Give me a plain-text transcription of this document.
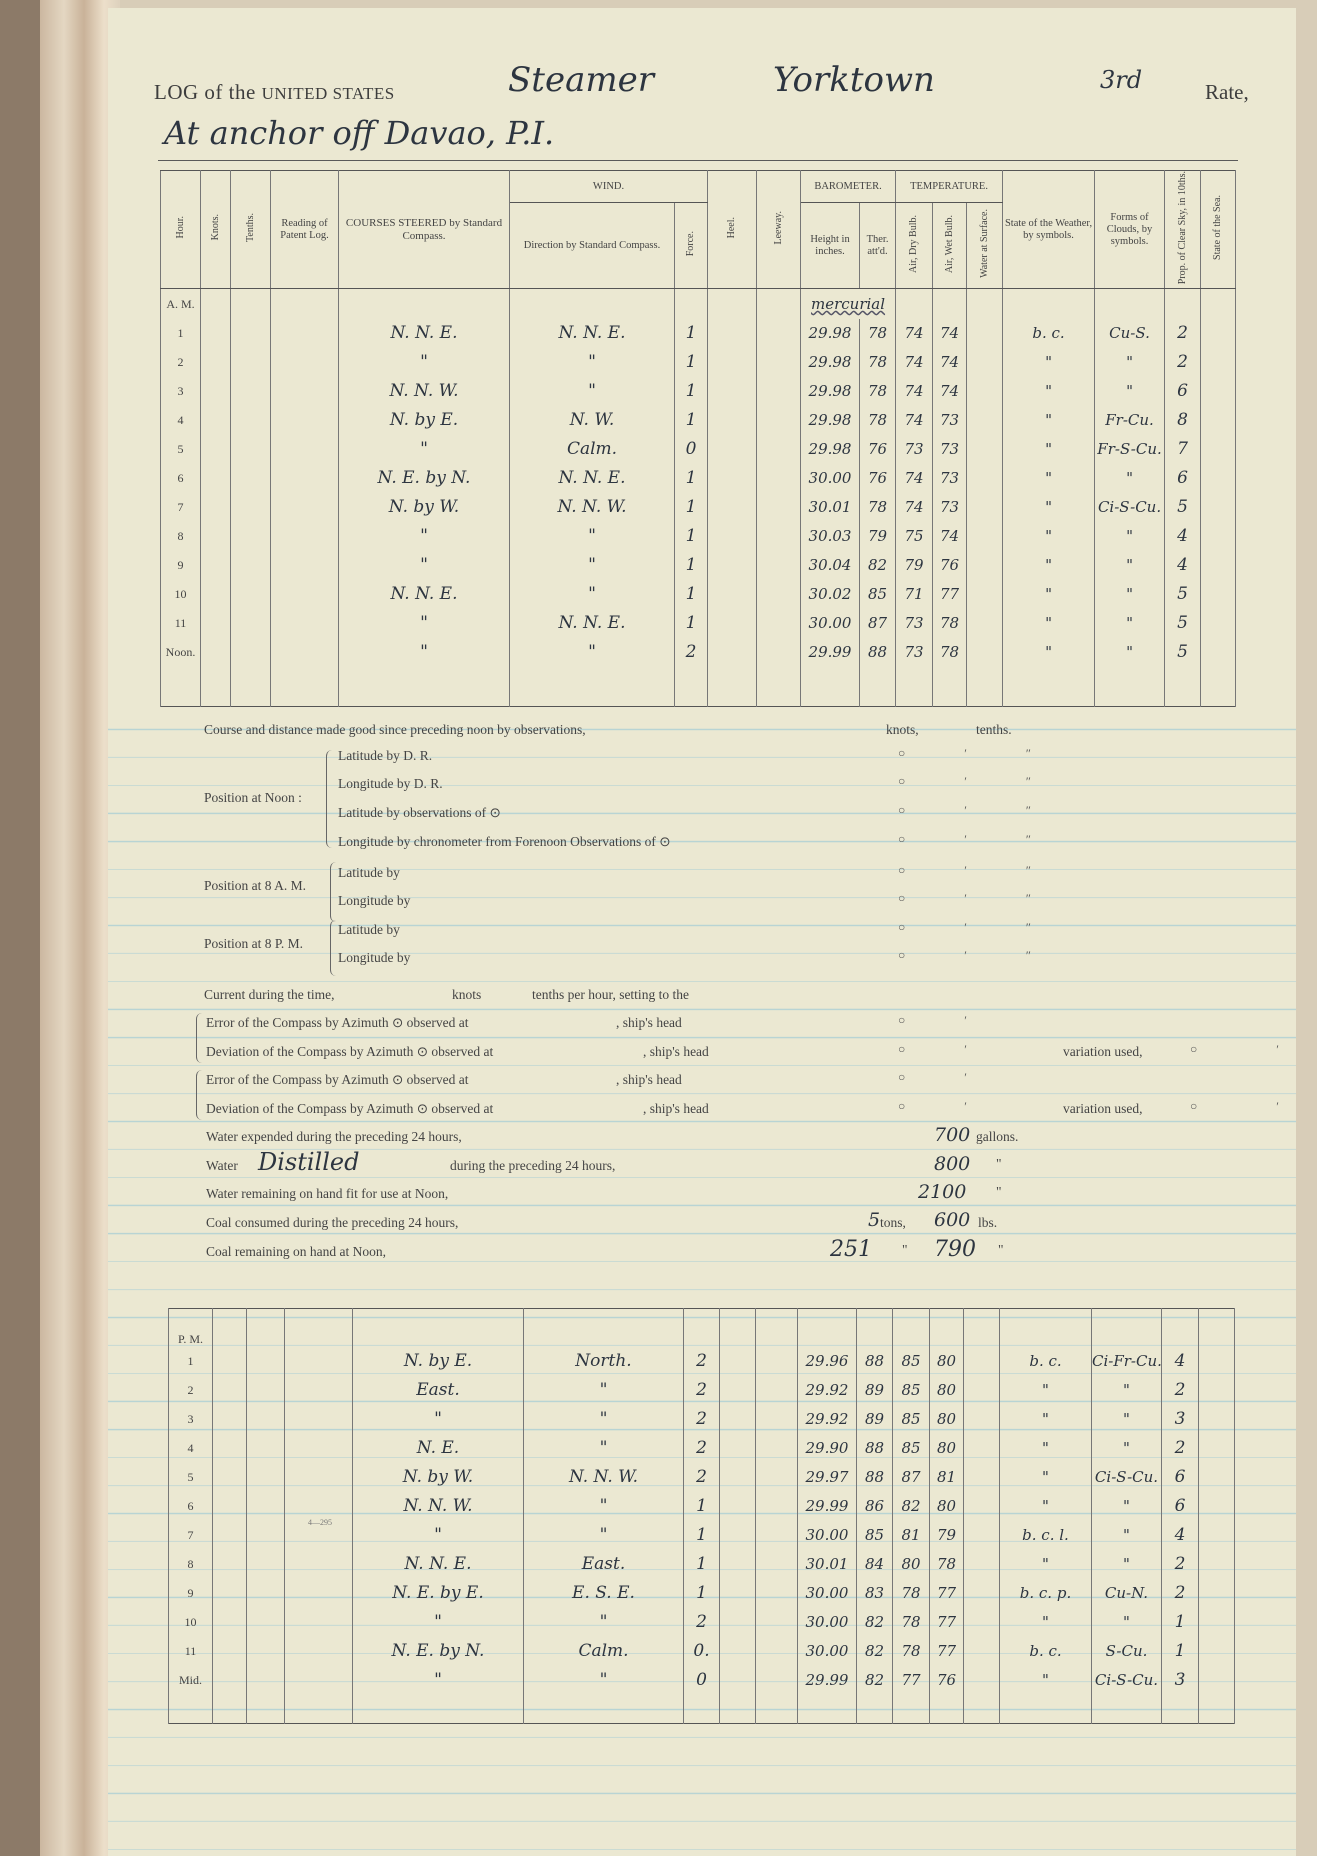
LOG of the UNITED STATES	Steamer	Yorktown	3rd	Rate,
At anchor off Davao, P.I.
Hour.	Knots.	Tenths.	Reading of Patent Log.	COURSES STEERED by Standard Compass.	WIND.		Heel.	Leeway.	BAROMETER.		TEMPERATURE.			State of the Weather, by symbols.	Forms of Clouds, by symbols.	Prop. of Clear Sky, in 10ths.	State of the Sea.
					Direction by Standard Compass.	Force.			Height in inches.	Ther. att'd.	Air, Dry Bulb.	Air, Wet Bulb.	Water at Surface.				
A. M.									mercurial								
1				N. N. E.	N. N. E.	1			29.98	78	74	74		b. c.	Cu-S.	2	
2				"	"	1			29.98	78	74	74		"	"	2	
3				N. N. W.	"	1			29.98	78	74	74		"	"	6	
4				N. by E.	N. W.	1			29.98	78	74	73		"	Fr-Cu.	8	
5				"	Calm.	0			29.98	76	73	73		"	Fr-S-Cu.	7	
6				N. E. by N.	N. N. E.	1			30.00	76	74	73		"	"	6	
7				N. by W.	N. N. W.	1			30.01	78	74	73		"	Ci-S-Cu.	5	
8				"	"	1			30.03	79	75	74		"	"	4	
9				"	"	1			30.04	82	79	76		"	"	4	
10				N. N. E.	"	1			30.02	85	71	77		"	"	5	
11				"	N. N. E.	1			30.00	87	73	78		"	"	5	
Noon.				"	"	2			29.99	88	73	78		"	"	5	

Course and distance made good since preceding noon by observations,	knots,	tenths.
Latitude by D. R.	○ ′ ″
Longitude by D. R.	○ ′ ″
Latitude by observations of ⊙	○ ′ ″
Longitude by chronometer from Forenoon Observations of ⊙	○ ′ ″
Position at Noon :
Position at 8 A. M.
Latitude by
Longitude by
○ ′ ″
○ ′ ″
Position at 8 P. M.
Latitude by
Longitude by
○ ′ ″
○ ′ ″
Current during the time,	knots	tenths per hour, setting to the
Error of the Compass by Azimuth ⊙ observed at	, ship's head	○ ′
Deviation of the Compass by Azimuth ⊙ observed at	, ship's head	○ ′
Error of the Compass by Azimuth ⊙ observed at	, ship's head	○ ′
Deviation of the Compass by Azimuth ⊙ observed at	, ship's head	○ ′
variation used,	○ ′
variation used,	○ ′
Water expended during the preceding 24 hours,	700 gallons.
Water Distilled	during the preceding 24 hours,	800 "
Water remaining on hand fit for use at Noon,	2100 "
Coal consumed during the preceding 24 hours,	5 tons, 600 lbs.
Coal remaining on hand at Noon,	251 " 790 "
P. M.																	
1				N. by E.	North.	2			29.96	88	85	80		b. c.	Ci-Fr-Cu.	4	
2				East.	"	2			29.92	89	85	80		"	"	2	
3				"	"	2			29.92	89	85	80		"	"	3	
4				N. E.	"	2			29.90	88	85	80		"	"	2	
5				N. by W.	N. N. W.	2			29.97	88	87	81		"	Ci-S-Cu.	6	
6				N. N. W.	"	1			29.99	86	82	80		"	"	6	
7				"	"	1			30.00	85	81	79		b. c. l.	"	4	
8				N. N. E.	East.	1			30.01	84	80	78		"	"	2	
9				N. E. by E.	E. S. E.	1			30.00	83	78	77		b. c. p.	Cu-N.	2	
10				"	"	2			30.00	82	78	77		"	"	1	
11				N. E. by N.	Calm.	0.			30.00	82	78	77		b. c.	S-Cu.	1	
Mid.				"	"	0			29.99	82	77	76		"	Ci-S-Cu.	3	

4—295
